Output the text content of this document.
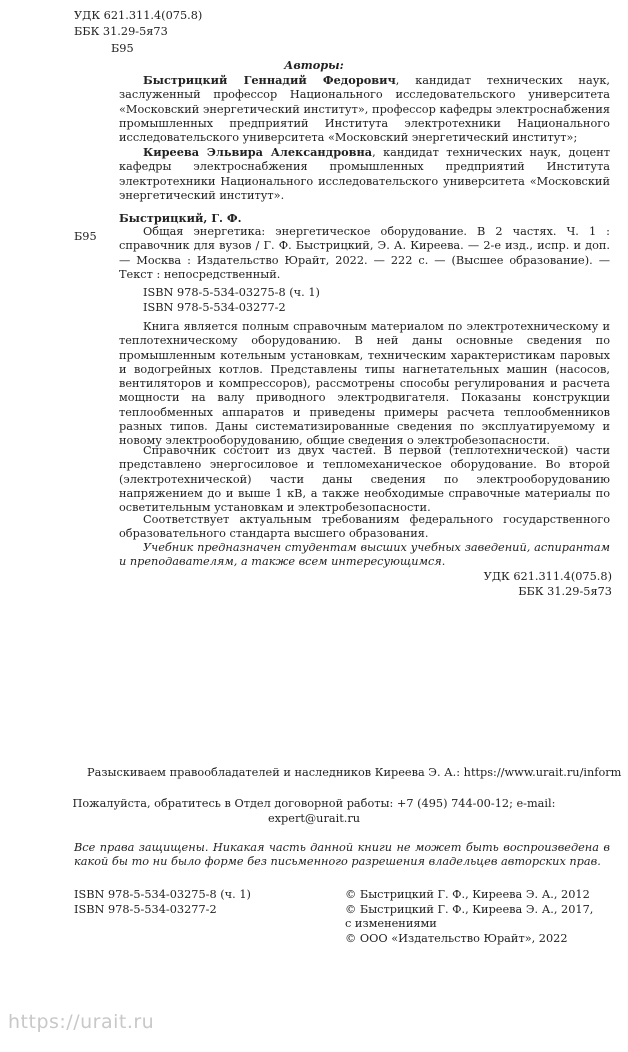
УДК 621.311.4(075.8)
ББК 31.29-5я73
Б95
Авторы:
Быстрицкий Геннадий Федорович, кандидат технических наук, заслуженный профессор Национального исследовательского университета «Московский энергетический институт», профессор кафедры электроснабжения промышленных предприятий Института электротехники Национального исследовательского университета «Московский энергетический институт»;
Киреева Эльвира Александровна, кандидат технических наук, доцент кафедры электроснабжения промышленных предприятий Института электротехники Национального исследовательского университета «Московский энергетический институт».
Быстрицкий, Г. Ф.
Б95	Общая энергетика: энергетическое оборудование. В 2 частях. Ч. 1 : справочник для вузов / Г. Ф. Быстрицкий, Э. А. Киреева. — 2-е изд., испр. и доп. — Москва : Издательство Юрайт, 2022. — 222 с. — (Высшее образование). — Текст : непосредственный.
ISBN 978-5-534-03275-8 (ч. 1)
ISBN 978-5-534-03277-2
Книга является полным справочным материалом по электротехническому и теплотехническому оборудованию. В ней даны основные сведения по промышленным котельным установкам, техническим характеристикам паровых и водогрейных котлов. Представлены типы нагнетательных машин (насосов, вентиляторов и компрессоров), рассмотрены способы регулирования и расчета мощности на валу приводного электродвигателя. Показаны конструкции теплообменных аппаратов и приведены примеры расчета теплообменников разных типов. Даны систематизированные сведения по эксплуатируемому и новому электрооборудованию, общие сведения о электробезопасности.
Справочник состоит из двух частей. В первой (теплотехнической) части представлено энергосиловое и тепломеханическое оборудование. Во второй (электротехнической) части даны сведения по электрооборудованию напряжением до и выше 1 кВ, а также необходимые справочные материалы по осветительным установкам и электробезопасности.
Соответствует актуальным требованиям федерального государственного образовательного стандарта высшего образования.
Учебник предназначен студентам высших учебных заведений, аспирантам и преподавателям, а также всем интересующимся.
УДК 621.311.4(075.8)
ББК 31.29-5я73
Разыскиваем правообладателей и наследников Киреева Э. А.: https://www.urait.ru/inform
Пожалуйста, обратитесь в Отдел договорной работы: +7 (495) 744-00-12; e-mail:
expert@urait.ru
Все права защищены. Никакая часть данной книги не может быть воспроизведена в какой бы то ни было форме без письменного разрешения владельцев авторских прав.
ISBN 978-5-534-03275-8 (ч. 1)
ISBN 978-5-534-03277-2
© Быстрицкий Г. Ф., Киреева Э. А., 2012
© Быстрицкий Г. Ф., Киреева Э. А., 2017,
с изменениями
© ООО «Издательство Юрайт», 2022
https://urait.ru
